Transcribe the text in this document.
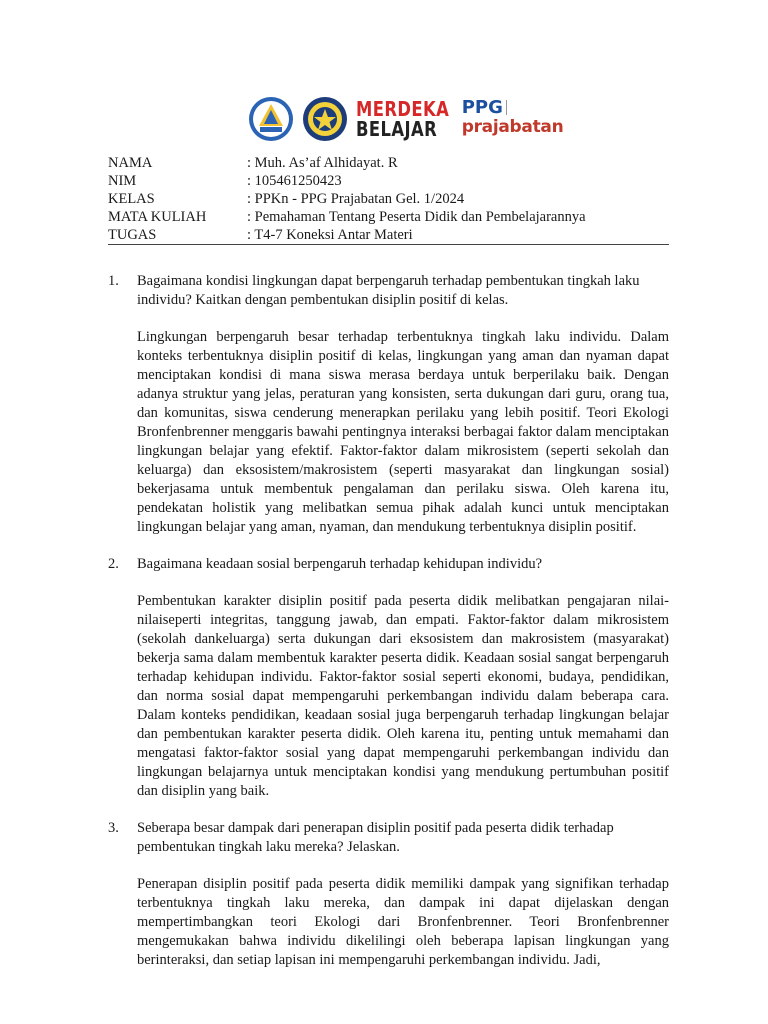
MERDEKA
BELAJAR
PPG

prajabatan
NAMA	: Muh. As’af Alhidayat. R
NIM	: 105461250423
KELAS	: PPKn - PPG Prajabatan Gel. 1/2024
MATA KULIAH	: Pemahaman Tentang Peserta Didik dan Pembelajarannya
TUGAS	: T4-7 Koneksi Antar Materi
1.	Bagaimana kondisi lingkungan dapat berpengaruh terhadap pembentukan tingkah laku individu? Kaitkan dengan pembentukan disiplin positif di kelas.
Lingkungan berpengaruh besar terhadap terbentuknya tingkah laku individu. Dalam konteks terbentuknya disiplin positif di kelas, lingkungan yang aman dan nyaman dapat menciptakan kondisi di mana siswa merasa berdaya untuk berperilaku baik. Dengan adanya struktur yang jelas, peraturan yang konsisten, serta dukungan dari guru, orang tua, dan komunitas, siswa cenderung menerapkan perilaku yang lebih positif. Teori Ekologi Bronfenbrenner menggaris bawahi pentingnya interaksi berbagai faktor dalam menciptakan lingkungan belajar yang efektif. Faktor-faktor dalam mikrosistem (seperti sekolah dan keluarga) dan eksosistem/makrosistem (seperti masyarakat dan lingkungan sosial) bekerjasama untuk membentuk pengalaman dan perilaku siswa. Oleh karena itu, pendekatan holistik yang melibatkan semua pihak adalah kunci untuk menciptakan lingkungan belajar yang aman, nyaman, dan mendukung terbentuknya disiplin positif.
2.	Bagaimana keadaan sosial berpengaruh terhadap kehidupan individu?
Pembentukan karakter disiplin positif pada peserta didik melibatkan pengajaran nilai-nilaiseperti integritas, tanggung jawab, dan empati. Faktor-faktor dalam mikrosistem (sekolah dankeluarga) serta dukungan dari eksosistem dan makrosistem (masyarakat) bekerja sama dalam membentuk karakter peserta didik. Keadaan sosial sangat berpengaruh terhadap kehidupan individu. Faktor-faktor sosial seperti ekonomi, budaya, pendidikan, dan norma sosial dapat mempengaruhi perkembangan individu dalam beberapa cara. Dalam konteks pendidikan, keadaan sosial juga berpengaruh terhadap lingkungan belajar dan pembentukan karakter peserta didik. Oleh karena itu, penting untuk memahami dan mengatasi faktor-faktor sosial yang dapat mempengaruhi perkembangan individu dan lingkungan belajarnya untuk menciptakan kondisi yang mendukung pertumbuhan positif dan disiplin yang baik.
3.	Seberapa besar dampak dari penerapan disiplin positif pada peserta didik terhadap pembentukan tingkah laku mereka? Jelaskan.
Penerapan disiplin positif pada peserta didik memiliki dampak yang signifikan terhadap terbentuknya tingkah laku mereka, dan dampak ini dapat dijelaskan dengan mempertimbangkan teori Ekologi dari Bronfenbrenner. Teori Bronfenbrenner mengemukakan bahwa individu dikelilingi oleh beberapa lapisan lingkungan yang berinteraksi, dan setiap lapisan ini mempengaruhi perkembangan individu. Jadi,
